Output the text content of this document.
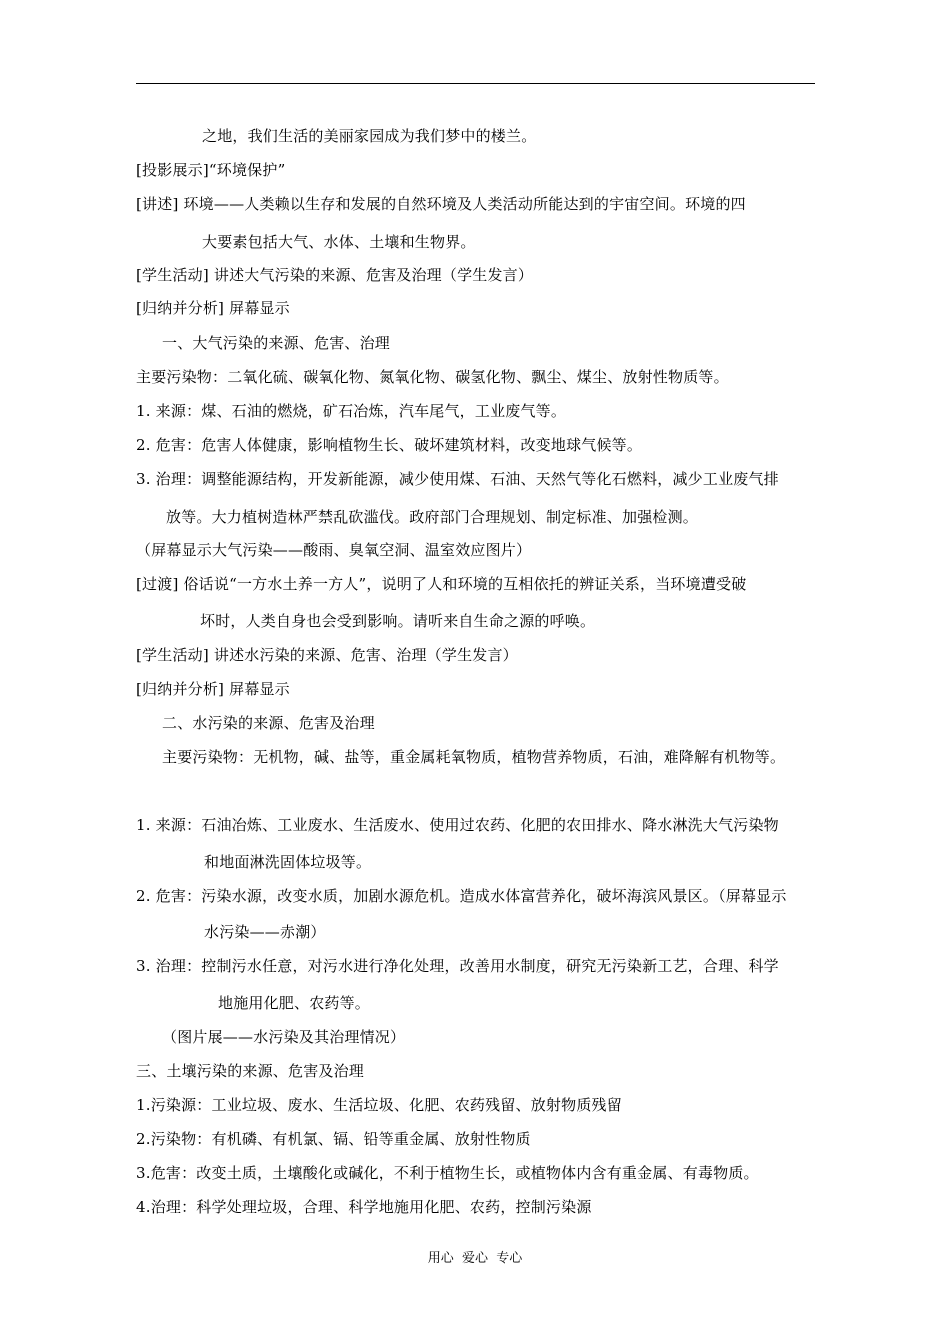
之地，我们生活的美丽家园成为我们梦中的楼兰。
[投影展示]“环境保护”
[讲述] 环境——人类赖以生存和发展的自然环境及人类活动所能达到的宇宙空间。环境的四
大要素包括大气、水体、土壤和生物界。
[学生活动] 讲述大气污染的来源、危害及治理（学生发言）
[归纳并分析] 屏幕显示
一、大气污染的来源、危害、治理
主要污染物：二氧化硫、碳氧化物、氮氧化物、碳氢化物、飘尘、煤尘、放射性物质等。
1. 来源：煤、石油的燃烧，矿石冶炼，汽车尾气，工业废气等。
2. 危害：危害人体健康，影响植物生长、破坏建筑材料，改变地球气候等。
3. 治理：调整能源结构，开发新能源，减少使用煤、石油、天然气等化石燃料，减少工业废气排
放等。大力植树造林严禁乱砍滥伐。政府部门合理规划、制定标准、加强检测。
（屏幕显示大气污染——酸雨、臭氧空洞、温室效应图片）
[过渡] 俗话说“一方水土养一方人”，说明了人和环境的互相依托的辨证关系，当环境遭受破
坏时，人类自身也会受到影响。请听来自生命之源的呼唤。
[学生活动] 讲述水污染的来源、危害、治理（学生发言）
[归纳并分析] 屏幕显示
二、水污染的来源、危害及治理
主要污染物：无机物，碱、盐等，重金属耗氧物质，植物营养物质，石油，难降解有机物等。
1. 来源：石油冶炼、工业废水、生活废水、使用过农药、化肥的农田排水、降水淋洗大气污染物
和地面淋洗固体垃圾等。
2. 危害：污染水源，改变水质，加剧水源危机。造成水体富营养化，破坏海滨风景区。（屏幕显示
水污染——赤潮）
3. 治理：控制污水任意，对污水进行净化处理，改善用水制度，研究无污染新工艺，合理、科学
地施用化肥、农药等。
（图片展——水污染及其治理情况）
三、土壤污染的来源、危害及治理
1.污染源：工业垃圾、废水、生活垃圾、化肥、农药残留、放射物质残留
2.污染物：有机磷、有机氯、镉、铅等重金属、放射性物质
3.危害：改变土质，土壤酸化或碱化，不利于植物生长，或植物体内含有重金属、有毒物质。
4.治理：科学处理垃圾，合理、科学地施用化肥、农药，控制污染源
用心  爱心  专心
